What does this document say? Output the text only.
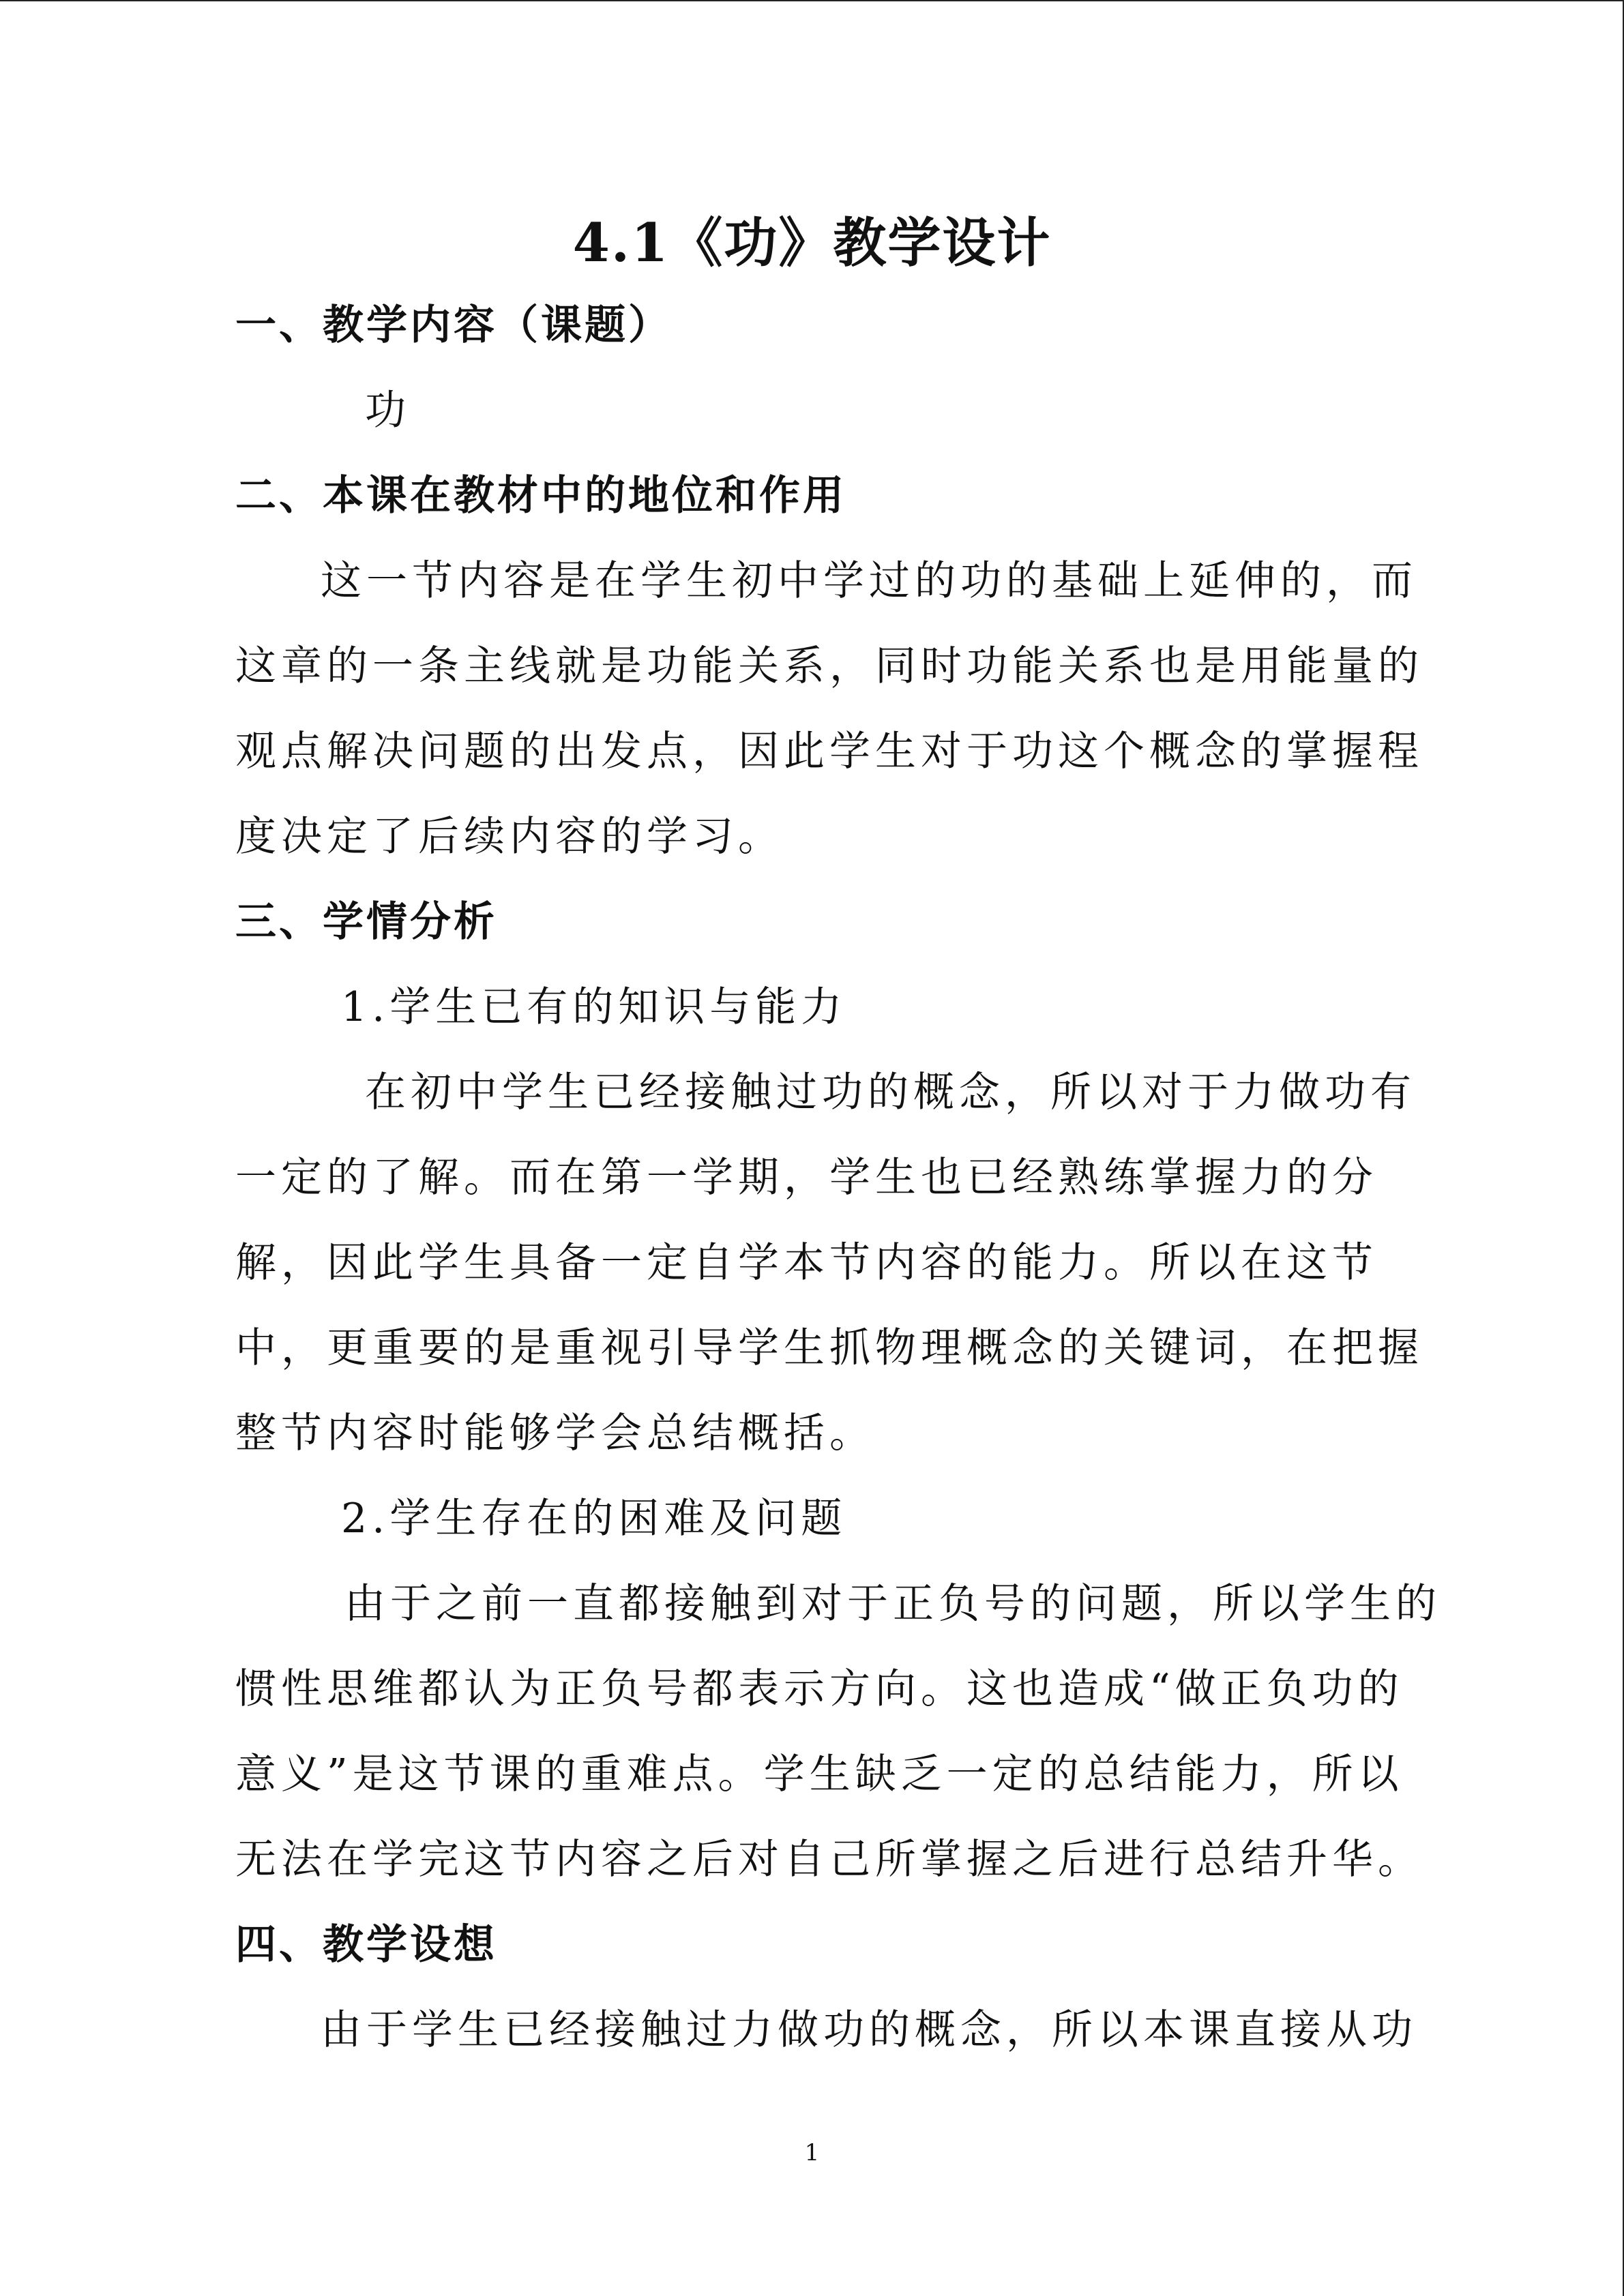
4.1《功》教学设计
一、教学内容（课题）
功
二、本课在教材中的地位和作用
这一节内容是在学生初中学过的功的基础上延伸的，而
这章的一条主线就是功能关系，同时功能关系也是用能量的
观点解决问题的出发点，因此学生对于功这个概念的掌握程
度决定了后续内容的学习。
三、学情分析
1.学生已有的知识与能力
在初中学生已经接触过功的概念，所以对于力做功有
一定的了解。而在第一学期，学生也已经熟练掌握力的分
解，因此学生具备一定自学本节内容的能力。所以在这节
中，更重要的是重视引导学生抓物理概念的关键词，在把握
整节内容时能够学会总结概括。
2.学生存在的困难及问题
由于之前一直都接触到对于正负号的问题，所以学生的
惯性思维都认为正负号都表示方向。这也造成“做正负功的
意义”是这节课的重难点。学生缺乏一定的总结能力，所以
无法在学完这节内容之后对自己所掌握之后进行总结升华。
四、教学设想
由于学生已经接触过力做功的概念，所以本课直接从功
1
